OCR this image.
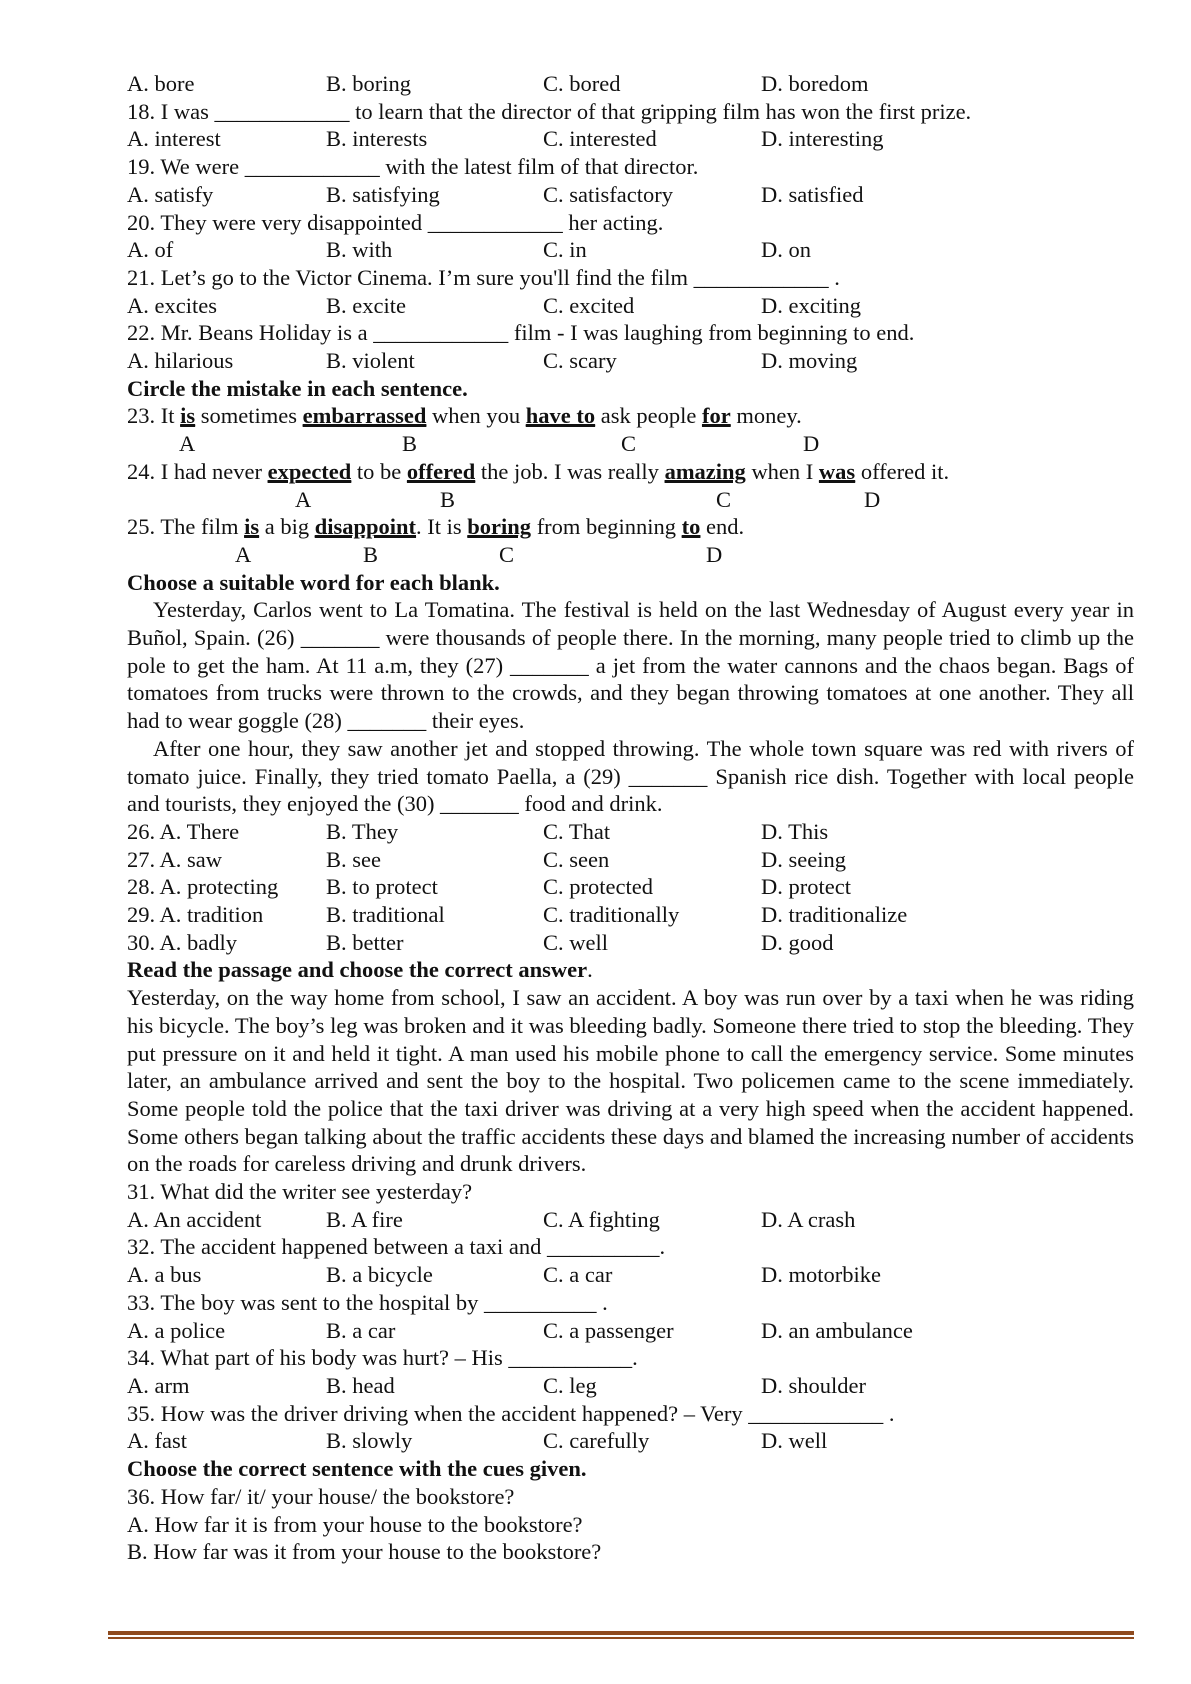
A. bore	B. boring	C. bored	D. boredom
18. I was ____________ to learn that the director of that gripping film has won the first prize.
A. interest	B. interests	C. interested	D. interesting
19. We were ____________ with the latest film of that director.
A. satisfy	B. satisfying	C. satisfactory	D. satisfied
20. They were very disappointed ____________ her acting.
A. of	B. with	C. in	D. on
21. Let’s go to the Victor Cinema. I’m sure you'll find the film ____________ .
A. excites	B. excite	C. excited	D. exciting
22. Mr. Beans Holiday is a ____________ film - I was laughing from beginning to end.
A. hilarious	B. violent	C. scary	D. moving
Circle the mistake in each sentence.
23. It is sometimes embarrassed when you have to ask people for money.
A	B	C	D
24. I had never expected to be offered the job. I was really amazing when I was offered it.
A	B	C	D
25. The film is a big disappoint. It is boring from beginning to end.
A	B	C	D
Choose a suitable word for each blank.
Yesterday, Carlos went to La Tomatina. The festival is held on the last Wednesday of August every year in Buñol, Spain. (26) _______ were thousands of people there. In the morning, many people tried to climb up the pole to get the ham. At 11 a.m, they (27) _______ a jet from the water cannons and the chaos began. Bags of tomatoes from trucks were thrown to the crowds, and they began throwing tomatoes at one another. They all had to wear goggle (28) _______ their eyes.
After one hour, they saw another jet and stopped throwing. The whole town square was red with rivers of tomato juice. Finally, they tried tomato Paella, a (29) _______ Spanish rice dish. Together with local people and tourists, they enjoyed the (30) _______ food and drink.
26. A. There	B. They	C. That	D. This
27. A. saw	B. see	C. seen	D. seeing
28. A. protecting	B. to protect	C. protected	D. protect
29. A. tradition	B. traditional	C. traditionally	D. traditionalize
30. A. badly	B. better	C. well	D. good
Read the passage and choose the correct answer.
Yesterday, on the way home from school, I saw an accident. A boy was run over by a taxi when he was riding his bicycle. The boy’s leg was broken and it was bleeding badly. Someone there tried to stop the bleeding. They put pressure on it and held it tight. A man used his mobile phone to call the emergency service. Some minutes later, an ambulance arrived and sent the boy to the hospital. Two policemen came to the scene immediately. Some people told the police that the taxi driver was driving at a very high speed when the accident happened. Some others began talking about the traffic accidents these days and blamed the increasing number of accidents on the roads for careless driving and drunk drivers.
31. What did the writer see yesterday?
A. An accident	B. A fire	C. A fighting	D. A crash
32. The accident happened between a taxi and __________.
A. a bus	B. a bicycle	C. a car	D. motorbike
33. The boy was sent to the hospital by __________ .
A. a police	B. a car	C. a passenger	D. an ambulance
34. What part of his body was hurt? – His ___________.
A. arm	B. head	C. leg	D. shoulder
35. How was the driver driving when the accident happened? – Very ____________ .
A. fast	B. slowly	C. carefully	D. well
Choose the correct sentence with the cues given.
36. How far/ it/ your house/ the bookstore?
A. How far it is from your house to the bookstore?
B. How far was it from your house to the bookstore?
